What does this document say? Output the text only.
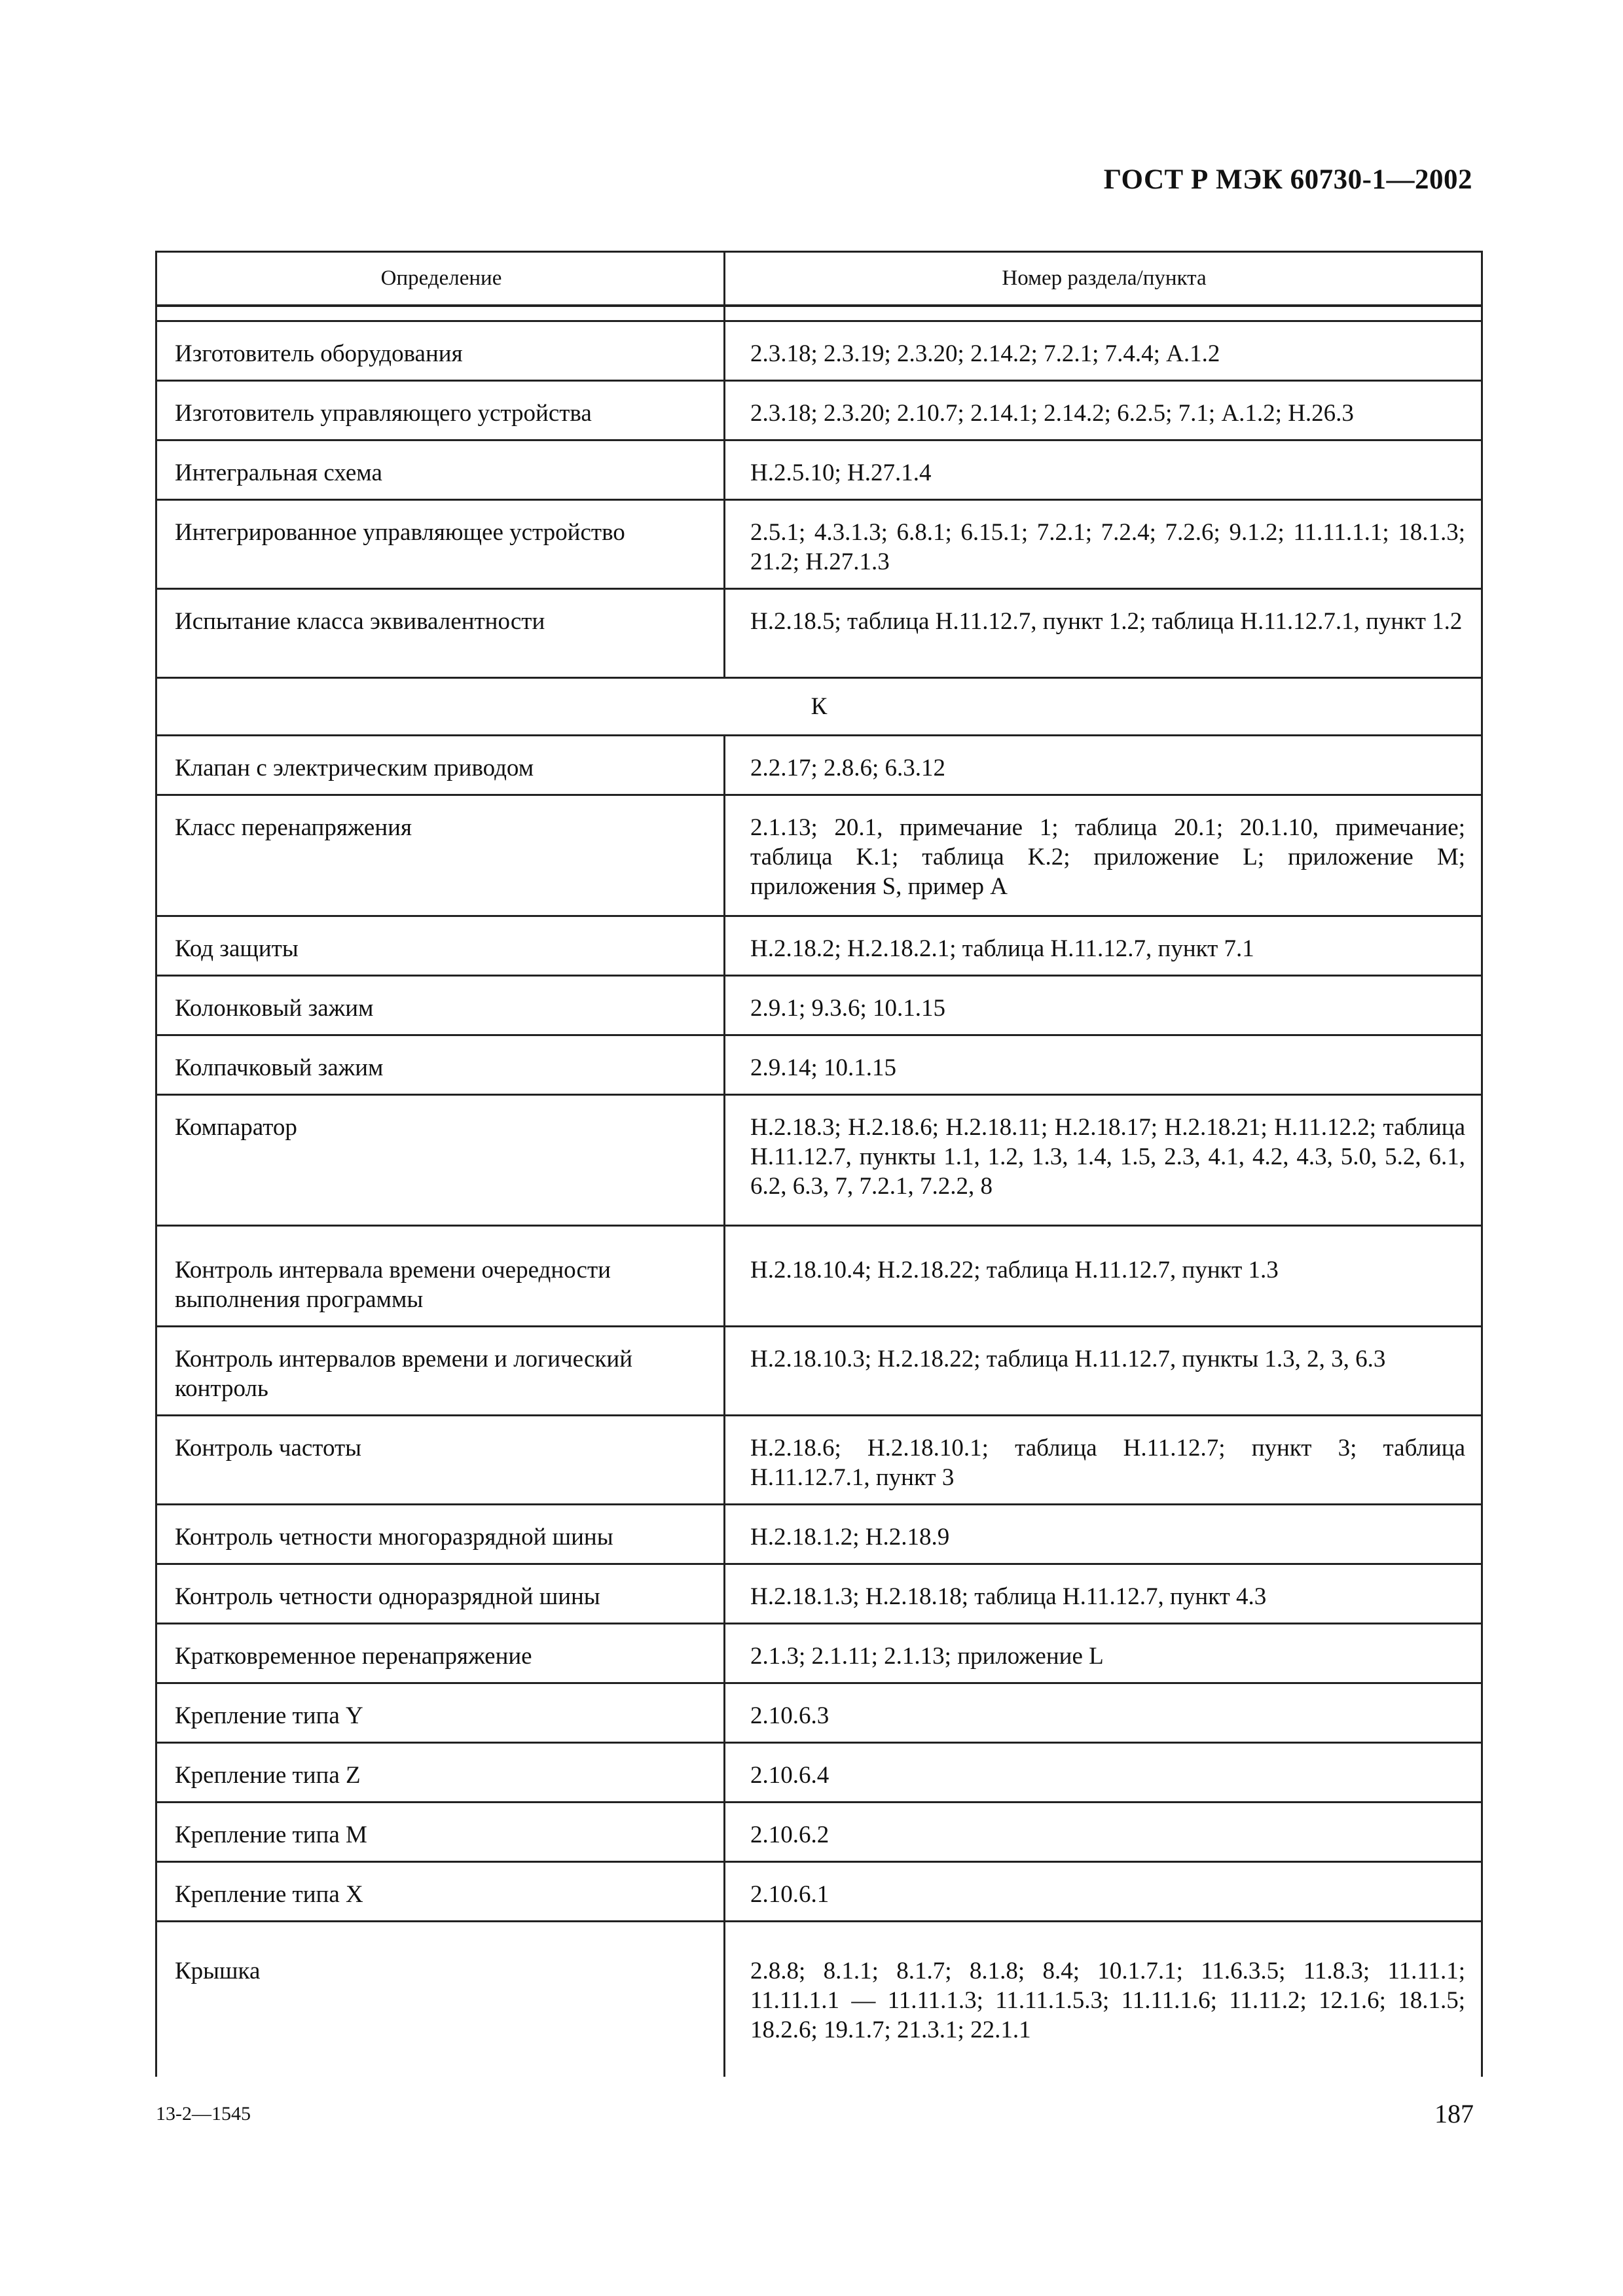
ГОСТ Р МЭК 60730-1—2002
Определение	Номер раздела/пункта

Изготовитель оборудования	2.3.18; 2.3.19; 2.3.20; 2.14.2; 7.2.1; 7.4.4; А.1.2
Изготовитель управляющего устройства	2.3.18; 2.3.20; 2.10.7; 2.14.1; 2.14.2; 6.2.5; 7.1; А.1.2; Н.26.3
Интегральная схема	Н.2.5.10; Н.27.1.4
Интегрированное управляющее устройство	2.5.1; 4.3.1.3; 6.8.1; 6.15.1; 7.2.1; 7.2.4; 7.2.6; 9.1.2; 11.11.1.1; 18.1.3; 21.2; Н.27.1.3
Испытание класса эквивалентности	Н.2.18.5; таблица Н.11.12.7, пункт 1.2; таблица Н.11.12.7.1, пункт 1.2
К	
Клапан с электрическим приводом	2.2.17; 2.8.6; 6.3.12
Класс перенапряжения	2.1.13; 20.1, примечание 1; таблица 20.1; 20.1.10, примечание; таблица K.1; таблица K.2; приложение L; приложение М; приложения S, пример А
Код защиты	Н.2.18.2; Н.2.18.2.1; таблица Н.11.12.7, пункт 7.1
Колонковый зажим	2.9.1; 9.3.6; 10.1.15
Колпачковый зажим	2.9.14; 10.1.15
Компаратор	Н.2.18.3; Н.2.18.6; Н.2.18.11; Н.2.18.17; Н.2.18.21; Н.11.12.2; таблица Н.11.12.7, пункты 1.1, 1.2, 1.3, 1.4, 1.5, 2.3, 4.1, 4.2, 4.3, 5.0, 5.2, 6.1, 6.2, 6.3, 7, 7.2.1, 7.2.2, 8
Контроль интервала времени очередности выполнения программы	Н.2.18.10.4; Н.2.18.22; таблица Н.11.12.7, пункт 1.3
Контроль интервалов времени и логический контроль	Н.2.18.10.3; Н.2.18.22; таблица Н.11.12.7, пункты 1.3, 2, 3, 6.3
Контроль частоты	Н.2.18.6; Н.2.18.10.1; таблица Н.11.12.7; пункт 3; таблица Н.11.12.7.1, пункт 3
Контроль четности многоразрядной шины	Н.2.18.1.2; Н.2.18.9
Контроль четности одноразрядной шины	Н.2.18.1.3; Н.2.18.18; таблица Н.11.12.7, пункт 4.3
Кратковременное перенапряжение	2.1.3; 2.1.11; 2.1.13; приложение L
Крепление типа Y	2.10.6.3
Крепление типа Z	2.10.6.4
Крепление типа М	2.10.6.2
Крепление типа Х	2.10.6.1
Крышка	2.8.8; 8.1.1; 8.1.7; 8.1.8; 8.4; 10.1.7.1; 11.6.3.5; 11.8.3; 11.11.1; 11.11.1.1 — 11.11.1.3; 11.11.1.5.3; 11.11.1.6; 11.11.2; 12.1.6; 18.1.5; 18.2.6; 19.1.7; 21.3.1; 22.1.1
13-2—1545	187
